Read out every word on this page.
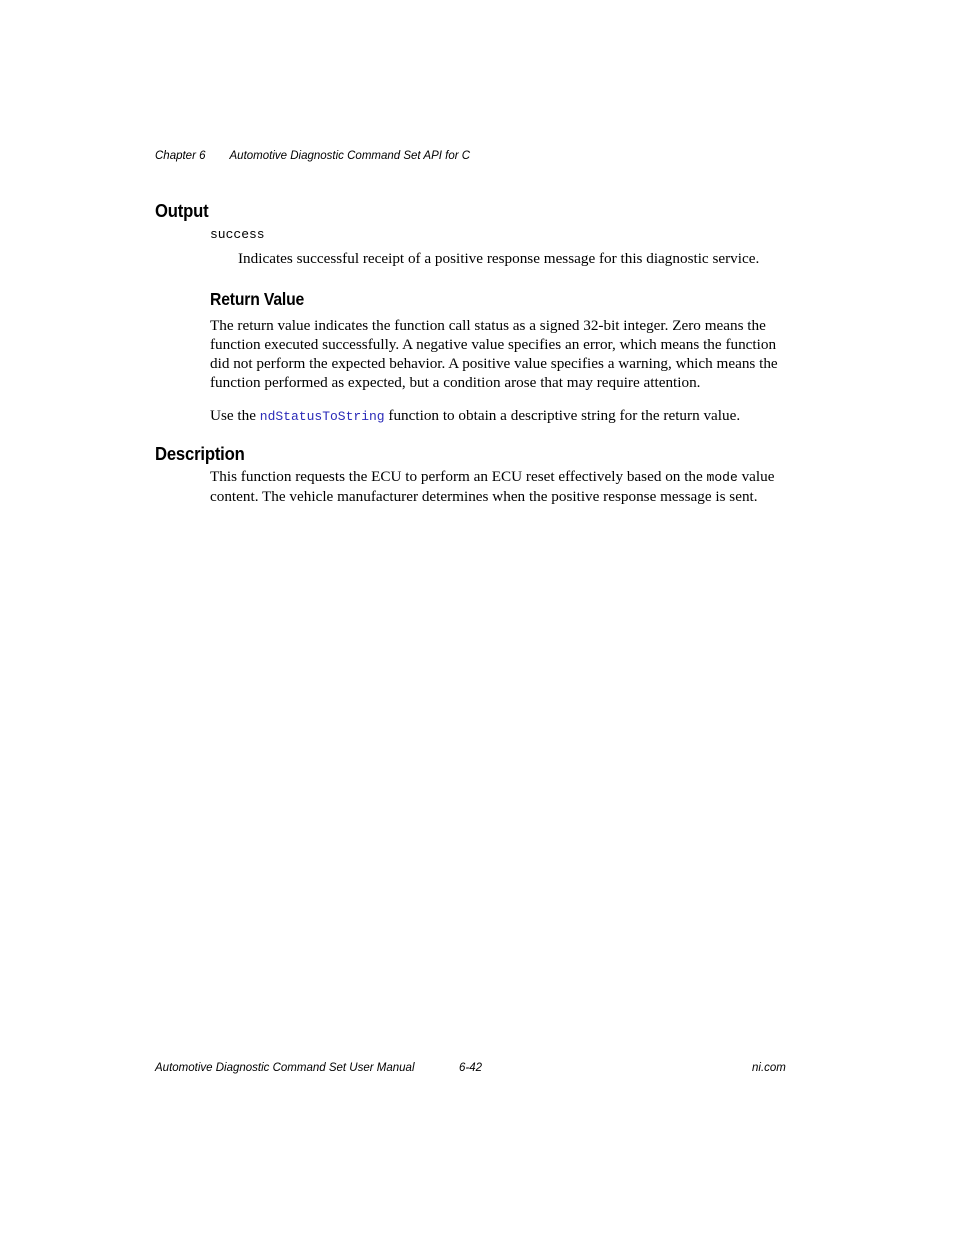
Chapter 6 Automotive Diagnostic Command Set API for C
Output
success

Indicates successful receipt of a positive response message for this diagnostic service.

Return Value

The return value indicates the function call status as a signed 32-bit integer. Zero means the function executed successfully. A negative value specifies an error, which means the function did not perform the expected behavior. A positive value specifies a warning, which means the function performed as expected, but a condition arose that may require attention.

Use the ndStatusToString function to obtain a descriptive string for the return value.

Description

This function requests the ECU to perform an ECU reset effectively based on the mode value content. The vehicle manufacturer determines when the positive response message is sent.

Automotive Diagnostic Command Set User Manual	6-42	ni.com
